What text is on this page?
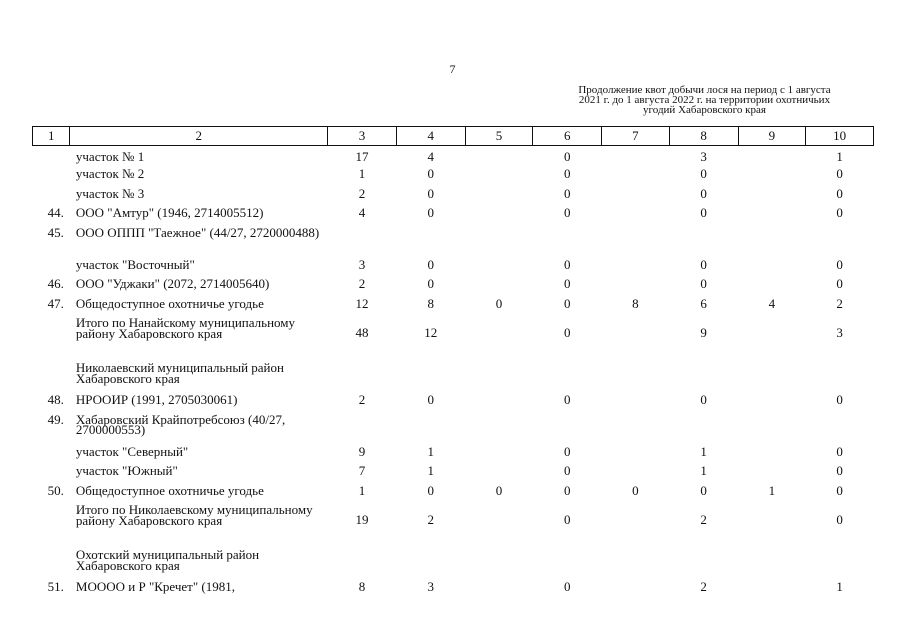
7
Продолжение квот добычи лося на период с 1 августа
2021 г. до 1 августа 2022 г. на территории охотничьих
угодий Хабаровского края
1	2	3	4	5	6	7	8	9	10
	участок № 1	17	4		0		3		1
	участок № 2	1	0		0		0		0
	участок № 3	2	0		0		0		0
44.	ООО "Амтур" (1946, 2714005512)	4	0		0		0		0
45.	ООО ОППП "Таежное" (44/27, 2720000488)								
	участок "Восточный"	3	0		0		0		0
46.	ООО "Уджаки" (2072, 2714005640)	2	0		0		0		0
47.	Общедоступное охотничье угодье	12	8	0	0	8	6	4	2
	Итого по Нанайскому муниципальному району Хабаровского края	48	12		0		9		3
	Николаевский муниципальный район Хабаровского края								
48.	НРООИР (1991, 2705030061)	2	0		0		0		0
49.	Хабаровский Крайпотребсоюз (40/27, 2700000553)								
	участок "Северный"	9	1		0		1		0
	участок "Южный"	7	1		0		1		0
50.	Общедоступное охотничье угодье	1	0	0	0	0	0	1	0
	Итого по Николаевскому муниципальному району Хабаровского края	19	2		0		2		0
	Охотский муниципальный район Хабаровского края								
51.	МОООО и Р "Кречет" (1981,	8	3		0		2		1
